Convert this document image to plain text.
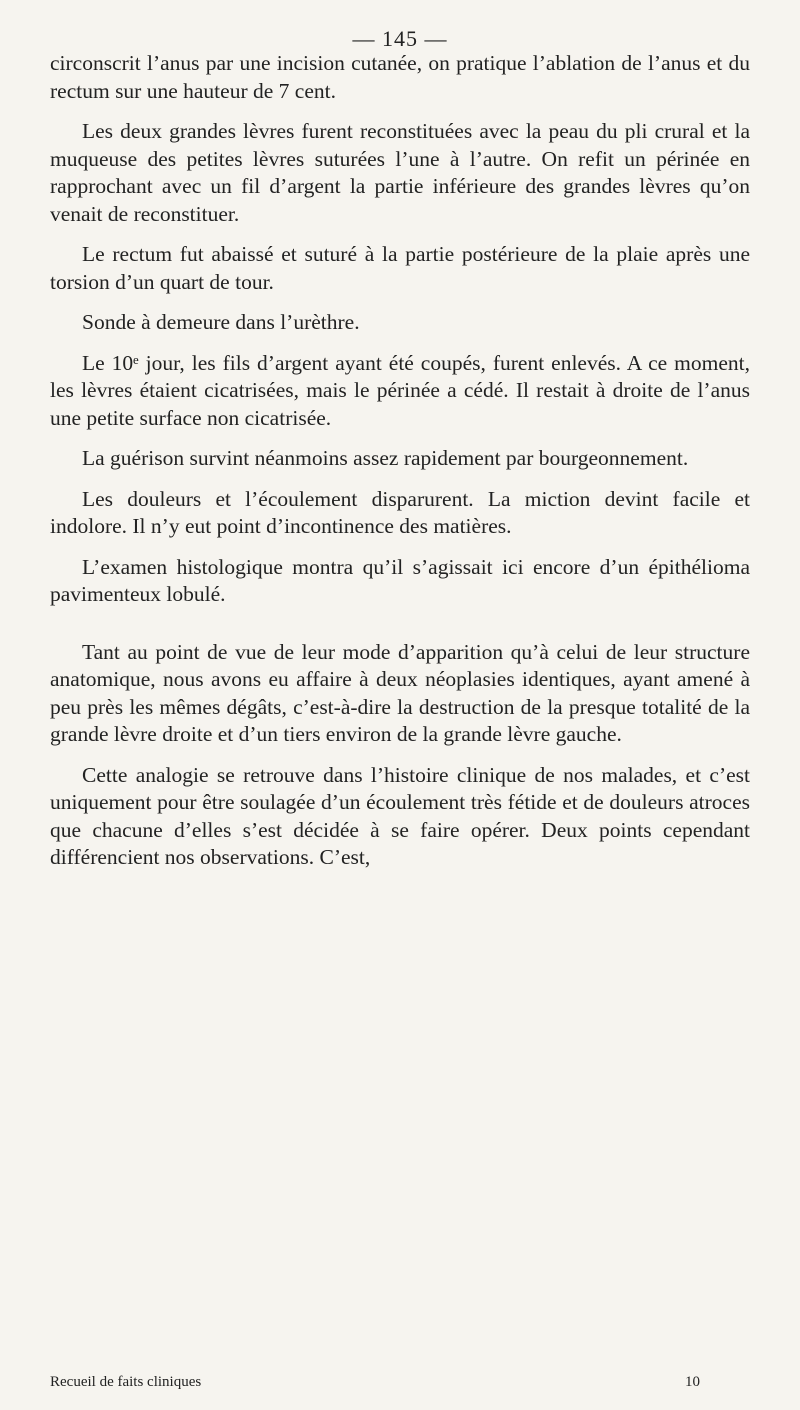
— 145 —

circonscrit l’anus par une incision cutanée, on pratique l’ablation de l’anus et du rectum sur une hauteur de 7 cent.

Les deux grandes lèvres furent reconstituées avec la peau du pli crural et la muqueuse des petites lèvres suturées l’une à l’autre. On refit un périnée en rapprochant avec un fil d’argent la partie inférieure des grandes lèvres qu’on venait de reconstituer.

Le rectum fut abaissé et suturé à la partie postérieure de la plaie après une torsion d’un quart de tour.

Sonde à demeure dans l’urèthre.

Le 10ᵉ jour, les fils d’argent ayant été coupés, furent enlevés. A ce moment, les lèvres étaient cicatrisées, mais le périnée a cédé. Il restait à droite de l’anus une petite surface non cicatrisée.

La guérison survint néanmoins assez rapidement par bourgeonnement.

Les douleurs et l’écoulement disparurent. La miction devint facile et indolore. Il n’y eut point d’incontinence des matières.

L’examen histologique montra qu’il s’agissait ici encore d’un épithélioma pavimenteux lobulé.

Tant au point de vue de leur mode d’apparition qu’à celui de leur structure anatomique, nous avons eu affaire à deux néoplasies identiques, ayant amené à peu près les mêmes dégâts, c’est-à-dire la destruction de la presque totalité de la grande lèvre droite et d’un tiers environ de la grande lèvre gauche.

Cette analogie se retrouve dans l’histoire clinique de nos malades, et c’est uniquement pour être soulagée d’un écoulement très fétide et de douleurs atroces que chacune d’elles s’est décidée à se faire opérer. Deux points cependant différencient nos observations. C’est,

Recueil de faits cliniques	10
